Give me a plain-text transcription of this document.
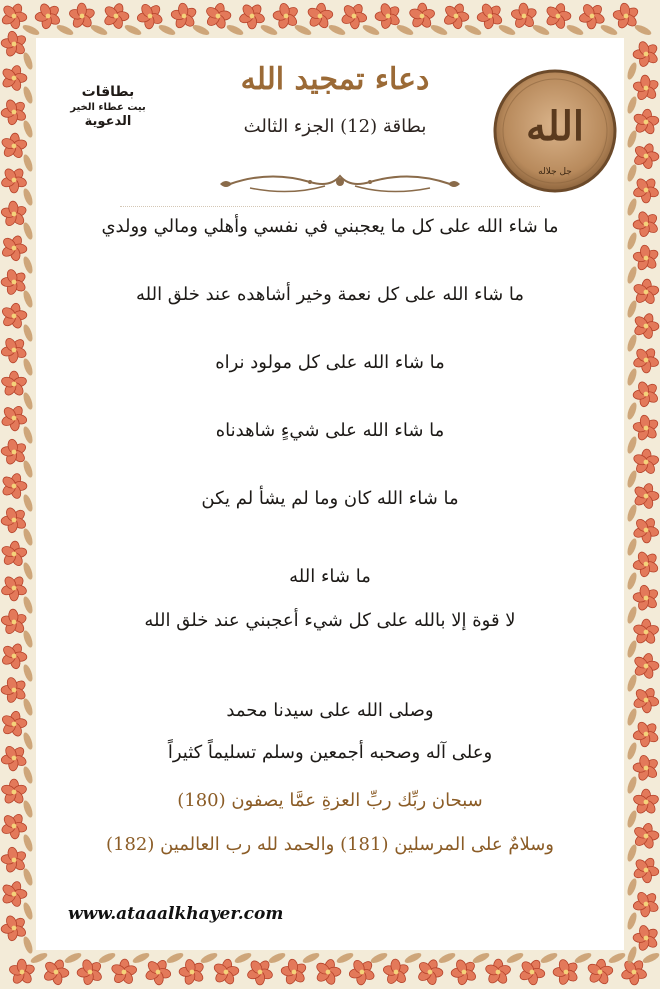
بطاقات
بيت عطاء الخير
الدعوية
دعاء تمجيد الله
بطاقة (12) الجزء الثالث	الله
جل جلاله
ما شاء الله على كل ما يعجبني في نفسي وأهلي ومالي وولدي
ما شاء الله على كل نعمة وخير أشاهده عند خلق الله
ما شاء الله على كل مولود نراه
ما شاء الله على شيءٍ شاهدناه
ما شاء الله كان وما لم يشأ لم يكن
ما شاء الله
لا قوة إلا بالله على كل شيء أعجبني عند خلق الله
وصلى الله على سيدنا محمد
وعلى آله وصحبه أجمعين وسلم تسليماً كثيراً
سبحان ربِّك ربِّ العزةِ عمَّا يصفون (180)
وسلامٌ على المرسلين (181) والحمد لله رب العالمين (182)
www.ataaalkhayer.com
